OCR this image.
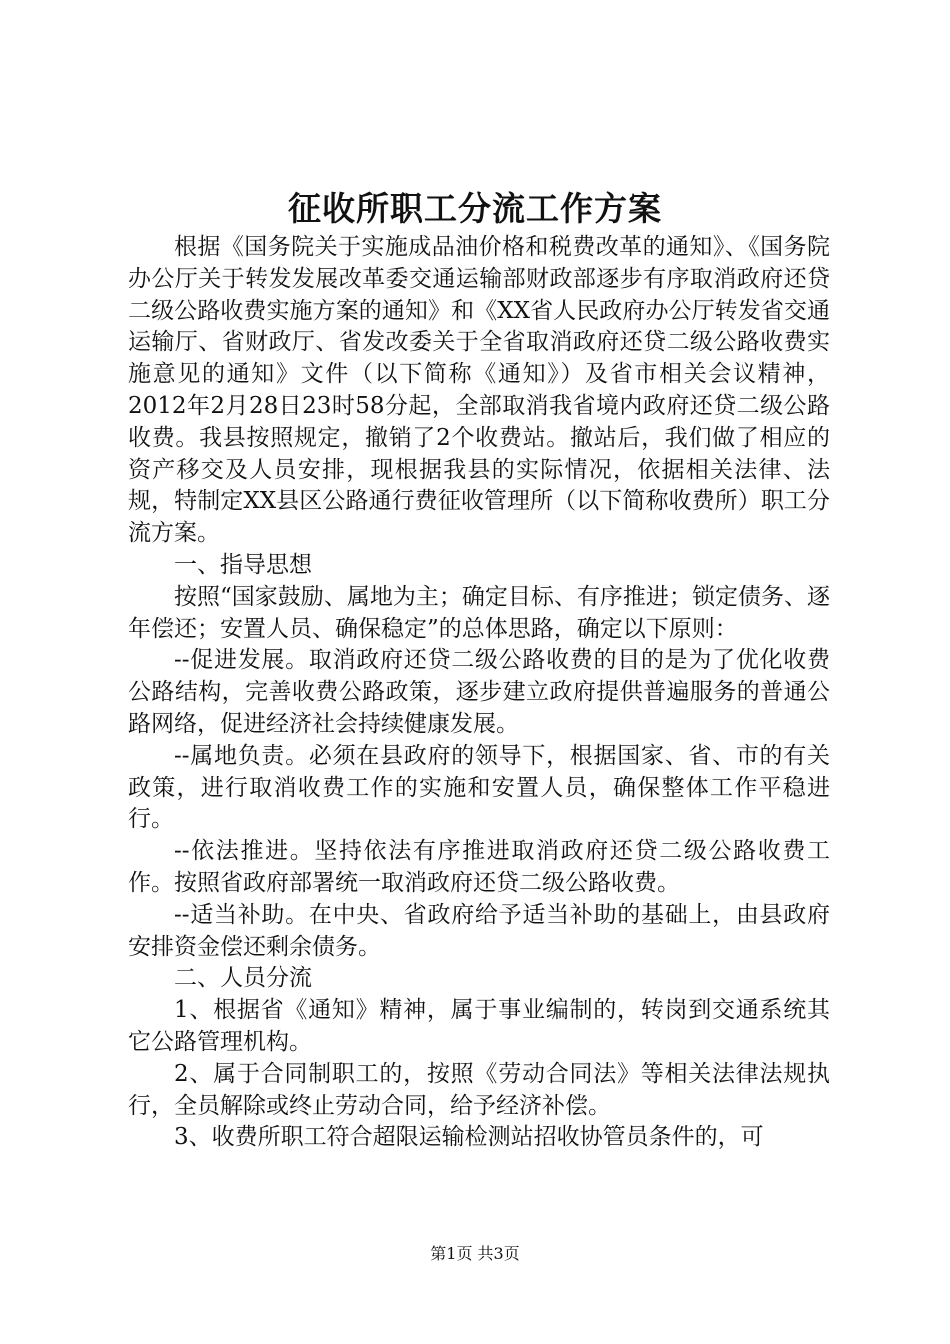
征收所职工分流工作方案

根据《国务院关于实施成品油价格和税费改革的通知》、《国务院办公厅关于转发发展改革委交通运输部财政部逐步有序取消政府还贷二级公路收费实施方案的通知》和《XX省人民政府办公厅转发省交通运输厅、省财政厅、省发改委关于全省取消政府还贷二级公路收费实施意见的通知》文件（以下简称《通知》）及省市相关会议精神，2012年2月28日23时58分起，全部取消我省境内政府还贷二级公路收费。我县按照规定，撤销了2个收费站。撤站后，我们做了相应的资产移交及人员安排，现根据我县的实际情况，依据相关法律、法规，特制定XX县区公路通行费征收管理所（以下简称收费所）职工分流方案。

一、指导思想

按照“国家鼓励、属地为主；确定目标、有序推进；锁定债务、逐年偿还；安置人员、确保稳定”的总体思路，确定以下原则：

--促进发展。取消政府还贷二级公路收费的目的是为了优化收费公路结构，完善收费公路政策，逐步建立政府提供普遍服务的普通公路网络，促进经济社会持续健康发展。

--属地负责。必须在县政府的领导下，根据国家、省、市的有关政策，进行取消收费工作的实施和安置人员，确保整体工作平稳进行。

--依法推进。坚持依法有序推进取消政府还贷二级公路收费工作。按照省政府部署统一取消政府还贷二级公路收费。

--适当补助。在中央、省政府给予适当补助的基础上，由县政府安排资金偿还剩余债务。

二、人员分流

1、根据省《通知》精神，属于事业编制的，转岗到交通系统其它公路管理机构。

2、属于合同制职工的，按照《劳动合同法》等相关法律法规执行，全员解除或终止劳动合同，给予经济补偿。

3、收费所职工符合超限运输检测站招收协管员条件的，可

第1页 共3页
